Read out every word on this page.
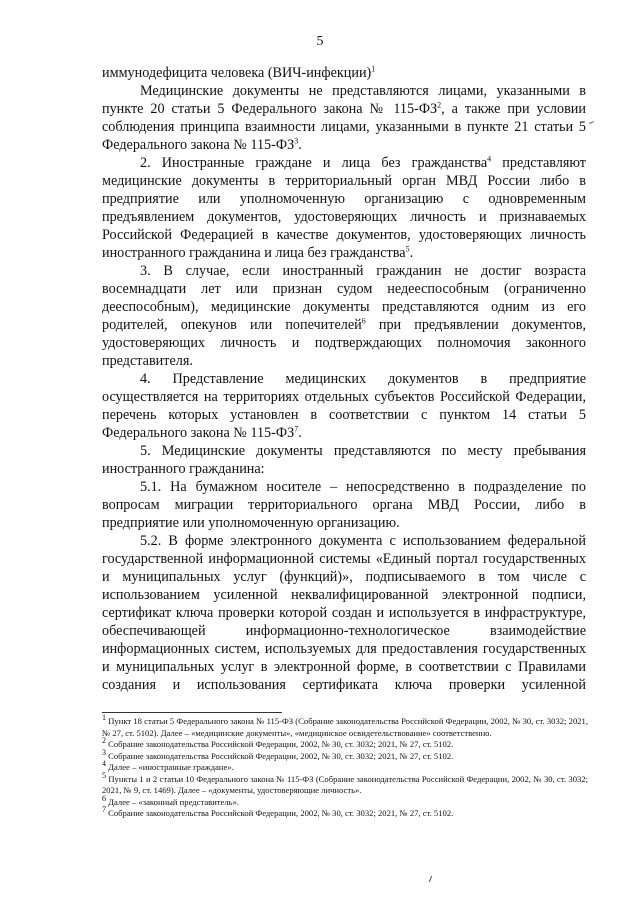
5

иммунодефицита человека (ВИЧ-инфекции)$^1$

Медицинские документы не представляются лицами, указанными в пункте 20 статьи 5 Федерального закона № $115-ФЗ^2$, а также при условии соблюдения принципа взаимности лицами, указанными в пункте 21 статьи 5 Федерального закона № $115-ФЗ^3$.

2. Иностранные граждане и лица без гражданства$^4$ представляют медицинские документы в территориальный орган МВД России либо в предприятие или уполномоченную организацию с одновременным предъявлением документов, удостоверяющих личность и признаваемых Российской Федерацией в качестве документов, удостоверяющих личность иностранного гражданина и лица без гражданства$^5$.

3. В случае, если иностранный гражданин не достиг возраста восемнадцати лет или признан судом недееспособным (ограниченно дееспособным), медицинские документы представляются одним из его родителей, опекунов или попечителей$^6$ при предъявлении документов, удостоверяющих личность и подтверждающих полномочия законного представителя.

4. Представление медицинских документов в предприятие осуществляется на территориях отдельных субъектов Российской Федерации, перечень которых установлен в соответствии с пунктом 14 статьи 5 Федерального закона № $115-ФЗ^7$.

5. Медицинские документы представляются по месту пребывания иностранного гражданина:

5.1. На бумажном носителе – непосредственно в подразделение по вопросам миграции территориального органа МВД России, либо в предприятие или уполномоченную организацию.

5.2. В форме электронного документа с использованием федеральной государственной информационной системы «Единый портал государственных и муниципальных услуг (функций)», подписываемого в том числе с использованием усиленной неквалифицированной электронной подписи, сертификат ключа проверки которой создан и используется в инфраструктуре, обеспечивающей информационно-технологическое взаимодействие информационных систем, используемых для предоставления государственных и муниципальных услуг в электронной форме, в соответствии с Правилами создания и использования сертификата ключа проверки усиленной

$^1$ Пункт 18 статьи 5 Федерального закона № 115-ФЗ (Собрание законодательства Российской Федерации, 2002, № 30, ст. 3032; 2021, № 27, ст. 5102). Далее – «медицинские документы», «медицинское освидетельствование» соответственно.

$^2$ Собрание законодательства Российской Федерации, 2002, № 30, ст. 3032; 2021, № 27, ст. 5102.

$^3$ Собрание законодательства Российской Федерации, 2002, № 30, ст. 3032; 2021, № 27, ст. 5102.

$^4$ Далее – «иностранные граждане».

$^5$ Пункты 1 и 2 статьи 10 Федерального закона № 115-ФЗ (Собрание законодательства Российской Федерации, 2002, № 30, ст. 3032; 2021, № 9, ст. 1469). Далее – «документы, удостоверяющие личность».

$^6$ Далее – «законный представитель».

$^7$ Собрание законодательства Российской Федерации, 2002, № 30, ст. 3032; 2021, № 27, ст. 5102.
